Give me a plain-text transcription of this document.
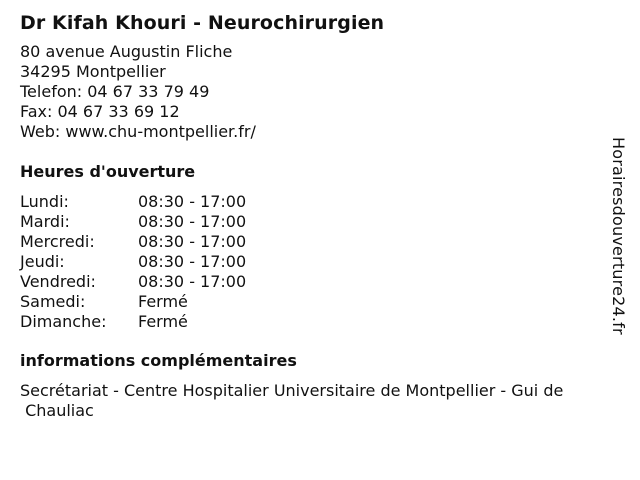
Dr Kifah Khouri - Neurochirurgien
80 avenue Augustin Fliche
34295 Montpellier
Telefon: 04 67 33 79 49
Fax: 04 67 33 69 12
Web: www.chu-montpellier.fr/
Heures d'ouverture
Lundi:	08:30 - 17:00
Mardi:	08:30 - 17:00
Mercredi:	08:30 - 17:00
Jeudi:	08:30 - 17:00
Vendredi:	08:30 - 17:00
Samedi:	Fermé
Dimanche:	Fermé
informations complémentaires
Secrétariat - Centre Hospitalier Universitaire de Montpellier - Gui de
Chauliac
Horairesdouverture24.fr
